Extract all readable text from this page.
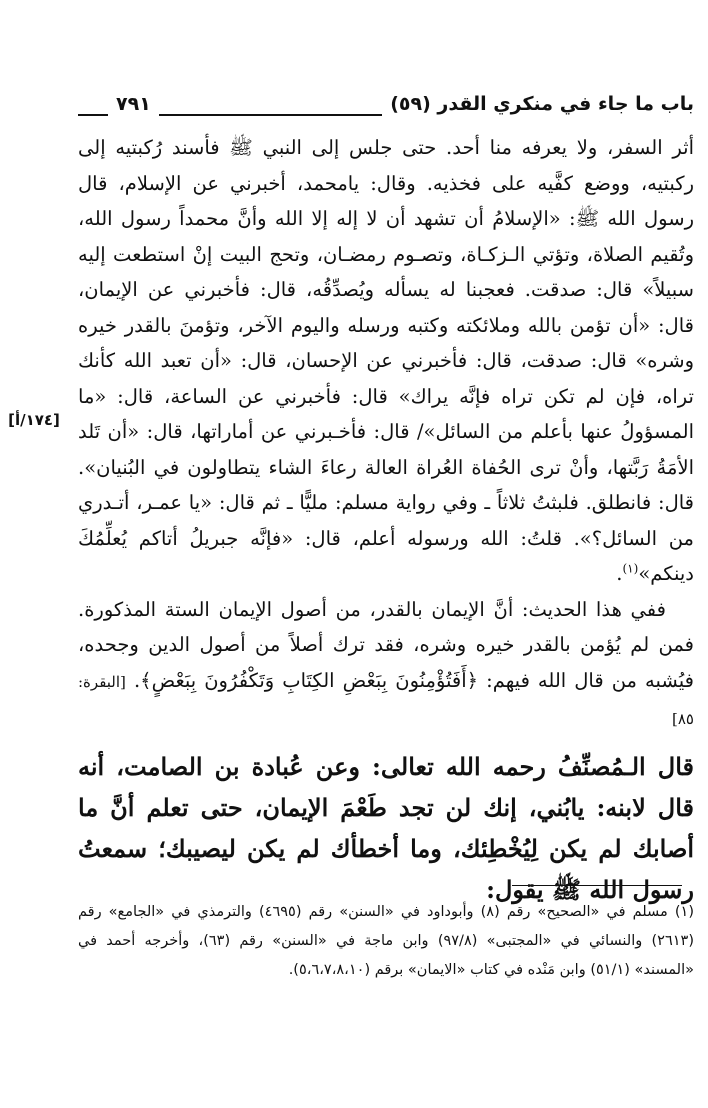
٧٩١	باب ما جاء في منكري القدر (٥٩)
[١٧٤/أ]

أثر السفر، ولا يعرفه منا أحد. حتى جلس إلى النبي ﷺ فأسند رُكبتيه إلى ركبتيه، ووضع كفَّيه على فخذيه. وقال: يامحمد، أخبرني عن الإسلام، قال رسول الله ﷺ: «الإسلامُ أن تشهد أن لا إله إلا الله وأنَّ محمداً رسول الله، وتُقيم الصلاة، وتؤتي الـزكـاة، وتصـوم رمضـان، وتحج البيت إنْ استطعت إليه سبيلاً» قال: صدقت. فعجبنا له يسأله ويُصدِّقُه، قال: فأخبرني عن الإيمان، قال: «أن تؤمن بالله وملائكته وكتبه ورسله واليوم الآخر، وتؤمنَ بالقدر خيره وشره» قال: صدقت، قال: فأخبرني عن الإحسان، قال: «أن تعبد الله كأنك تراه، فإن لم تكن تراه فإنَّه يراك» قال: فأخبرني عن الساعة، قال: «ما المسؤولُ عنها بأعلم من السائل»/ قال: فأخـبرني عن أماراتها، قال: «أن تَلد الأمَةُ رَبَّتها، وأنْ ترى الحُفاة العُراة العالة رعاءَ الشاء يتطاولون في البُنيان». قال: فانطلق. فلبثتُ ثلاثاً ـ وفي رواية مسلم: مليًّا ـ ثم قال: «يا عمـر، أتـدري من السائل؟». قلتُ: الله ورسوله أعلم، قال: «فإنَّه جبريلُ أتاكم يُعلِّمُكَ دينكم»$^{(١)}$.

ففي هذا الحديث: أنَّ الإيمان بالقدر، من أصول الإيمان الستة المذكورة. فمن لم يُؤمن بالقدر خيره وشره، فقد ترك أصلاً من أصول الدين وجحده، فيُشبه من قال الله فيهم: ﴿أَفَتُؤْمِنُونَ بِبَعْضِ الكِتَابِ وَتَكْفُرُونَ بِبَعْضٍ﴾. [البقرة: ٨٥]

قال الـمُصنِّفُ رحمه الله تعالى: وعن عُبادة بن الصامت، أنه قال لابنه: يابُني، إنك لن تجد طَعْمَ الإيمان، حتى تعلم أنَّ ما أصابك لم يكن لِيُخْطِئك، وما أخطأك لم يكن ليصيبك؛ سمعتُ رسول الله ﷺ يقول:

(١) مسلم في «الصحيح» رقم (٨) وأبوداود في «السنن» رقم (٤٦٩٥) والترمذي في «الجامع» رقم (٢٦١٣) والنسائي في «المجتبى» (٩٧/٨) وابن ماجة في «السنن» رقم (٦٣)، وأخرجه أحمد في «المسند» (٥١/١) وابن مَنْده في كتاب «الايمان» برقم (٥،٦،٧،٨،١٠).
